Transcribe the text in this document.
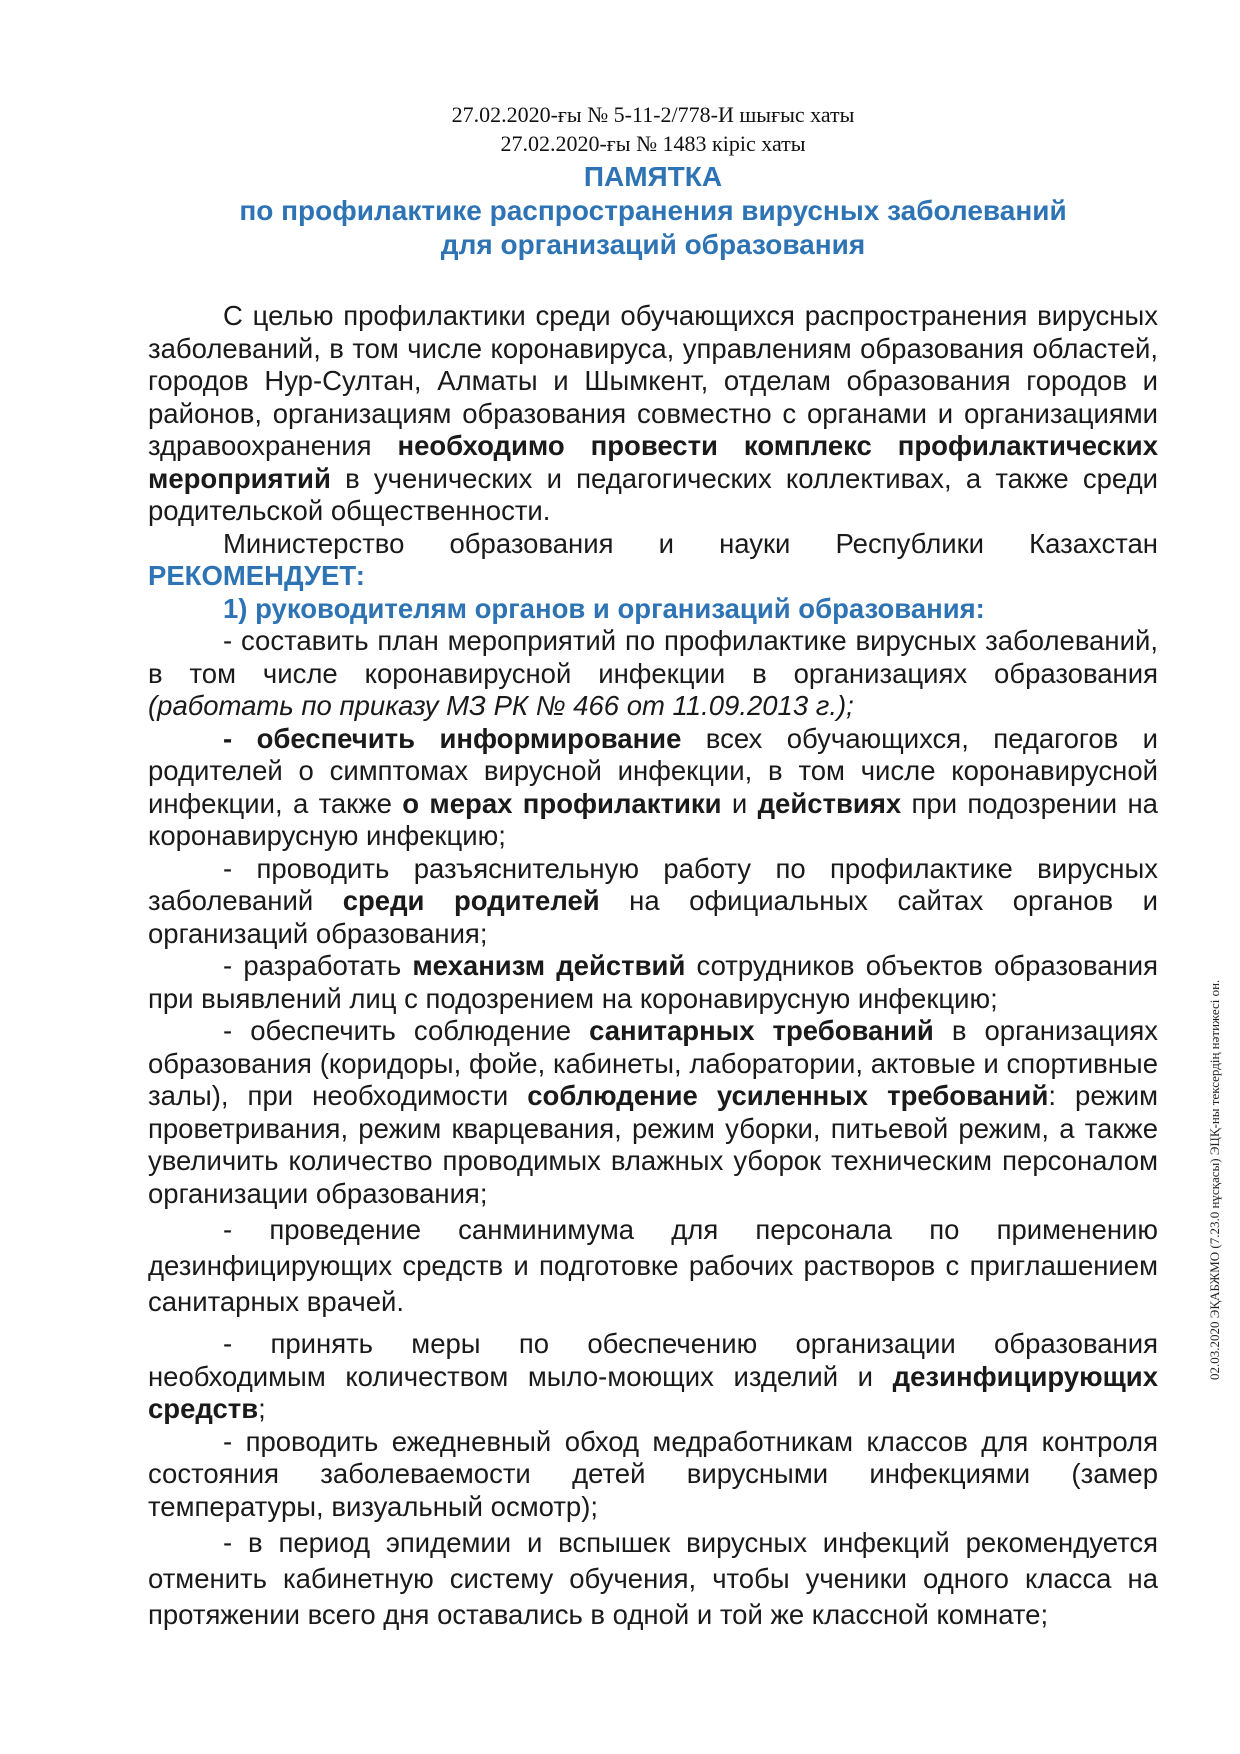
27.02.2020-ғы № 5-11-2/778-И шығыс хаты
27.02.2020-ғы № 1483 кіріс хаты
ПАМЯТКА
по профилактике распространения вирусных заболеваний
для организаций образования

С целью профилактики среди обучающихся распространения вирусных заболеваний, в том числе коронавируса, управлениям образования областей, городов Нур-Султан, Алматы и Шымкент, отделам образования городов и районов, организациям образования совместно с органами и организациями здравоохранения необходимо провести комплекс профилактических мероприятий в ученических и педагогических коллективах, а также среди родительской общественности.

Министерство образования и науки Республики Казахстан РЕКОМЕНДУЕТ:

1) руководителям органов и организаций образования:

- составить план мероприятий по профилактике вирусных заболеваний, в том числе коронавирусной инфекции в организациях образования (работать по приказу МЗ РК № 466 от 11.09.2013 г.);

- обеспечить информирование всех обучающихся, педагогов и родителей о симптомах вирусной инфекции, в том числе коронавирусной инфекции, а также о мерах профилактики и действиях при подозрении на коронавирусную инфекцию;

- проводить разъяснительную работу по профилактике вирусных заболеваний среди родителей на официальных сайтах органов и организаций образования;

- разработать механизм действий сотрудников объектов образования при выявлений лиц с подозрением на коронавирусную инфекцию;

- обеспечить соблюдение санитарных требований в организациях образования (коридоры, фойе, кабинеты, лаборатории, актовые и спортивные залы), при необходимости соблюдение усиленных требований: режим проветривания, режим кварцевания, режим уборки, питьевой режим, а также увеличить количество проводимых влажных уборок техническим персоналом организации образования;

- проведение санминимума для персонала по применению дезинфицирующих средств и подготовке рабочих растворов с приглашением санитарных врачей.

- принять меры по обеспечению организации образования необходимым количеством мыло-моющих изделий и дезинфицирующих средств;

- проводить ежедневный обход медработникам классов для контроля состояния заболеваемости детей вирусными инфекциями (замер температуры, визуальный осмотр);

- в период эпидемии и вспышек вирусных инфекций рекомендуется отменить кабинетную систему обучения, чтобы ученики одного класса на протяжении всего дня оставались в одной и той же классной комнате;

02.03.2020 ЭҚАБЖМО (7.23.0 нұсқасы) ЭЦҚ-ны тексердің нәтижесі он.
